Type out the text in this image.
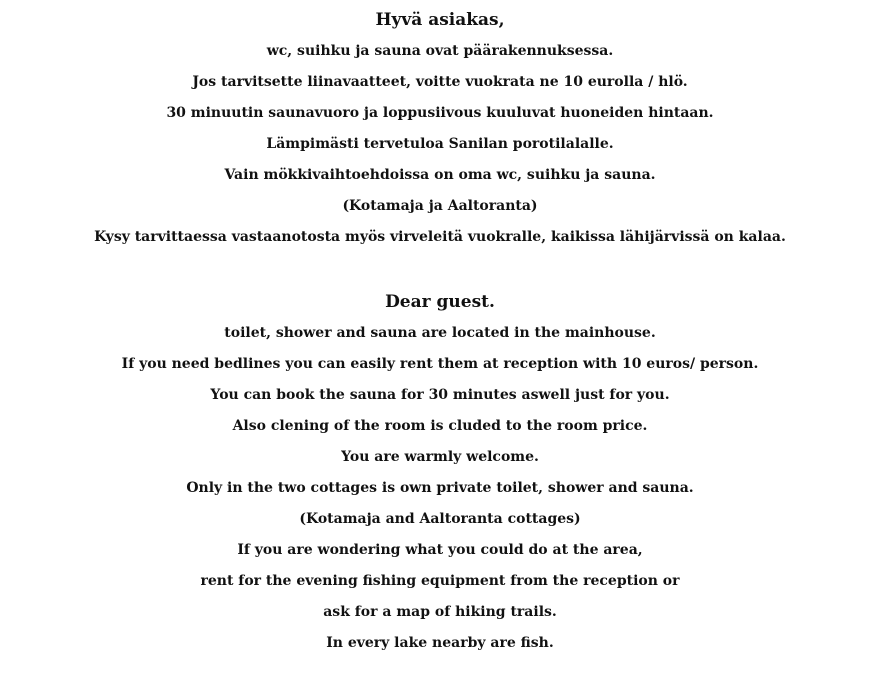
Hyvä asiakas,
wc, suihku ja sauna ovat päärakennuksessa.
Jos tarvitsette liinavaatteet, voitte vuokrata ne 10 eurolla / hlö.
30 minuutin saunavuoro ja loppusiivous kuuluvat huoneiden hintaan.
Lämpimästi tervetuloa Sanilan porotilalalle.
Vain mökkivaihtoehdoissa on oma wc, suihku ja sauna.
(Kotamaja ja Aaltoranta)
Kysy tarvittaessa vastaanotosta myös virveleitä vuokralle, kaikissa lähijärvissä on kalaa.
Dear guest.
toilet, shower and sauna are located in the mainhouse.
If you need bedlines you can easily rent them at reception with 10 euros/ person.
You can book the sauna for 30 minutes aswell just for you.
Also clening of the room is cluded to the room price.
You are warmly welcome.
Only in the two cottages is own private toilet, shower and sauna.
(Kotamaja and Aaltoranta cottages)
If you are wondering what you could do at the area,
rent for the evening fishing equipment from the reception or
ask for a map of hiking trails.
In every lake nearby are fish.
